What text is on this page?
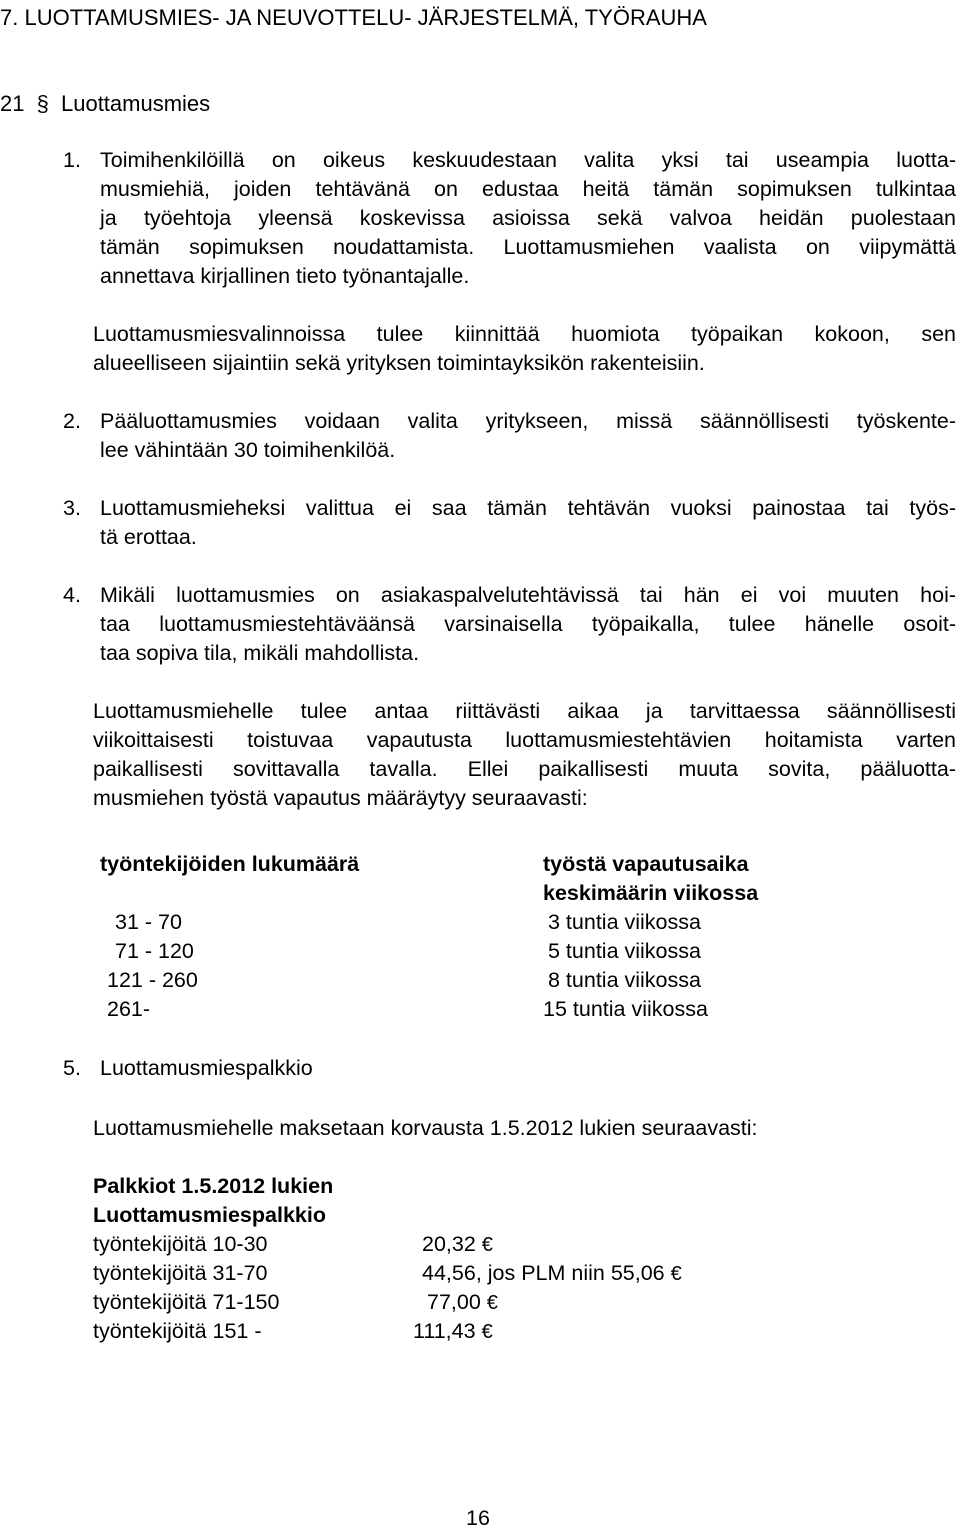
7. LUOTTAMUSMIES- JA NEUVOTTELU- JÄRJESTELMÄ, TYÖRAUHA
21 § Luottamusmies
1. Toimihenkilöillä on oikeus keskuudestaan valita yksi tai useampia luotta-
musmiehiä, joiden tehtävänä on edustaa heitä tämän sopimuksen tulkintaa
ja työehtoja yleensä koskevissa asioissa sekä valvoa heidän puolestaan
tämän sopimuksen noudattamista. Luottamusmiehen vaalista on viipymättä
annettava kirjallinen tieto työnantajalle.
Luottamusmiesvalinnoissa tulee kiinnittää huomiota työpaikan kokoon, sen
alueelliseen sijaintiin sekä yrityksen toimintayksikön rakenteisiin.
2. Pääluottamusmies voidaan valita yritykseen, missä säännöllisesti työskente-
lee vähintään 30 toimihenkilöä.
3. Luottamusmieheksi valittua ei saa tämän tehtävän vuoksi painostaa tai työs-
tä erottaa.
4. Mikäli luottamusmies on asiakaspalvelutehtävissä tai hän ei voi muuten hoi-
taa luottamusmiestehtäväänsä varsinaisella työpaikalla, tulee hänelle osoit-
taa sopiva tila, mikäli mahdollista.
Luottamusmiehelle tulee antaa riittävästi aikaa ja tarvittaessa säännöllisesti
viikoittaisesti toistuvaa vapautusta luottamusmiestehtävien hoitamista varten
paikallisesti sovittavalla tavalla. Ellei paikallisesti muuta sovita, pääluotta-
musmiehen työstä vapautus määräytyy seuraavasti:
työntekijöiden lukumäärä	työstä vapautusaika
keskimäärin viikossa
31 - 70	3 tuntia viikossa
71 - 120	5 tuntia viikossa
121 - 260	8 tuntia viikossa
261-	15 tuntia viikossa
5. Luottamusmiespalkkio
Luottamusmiehelle maksetaan korvausta 1.5.2012 lukien seuraavasti:
Palkkiot 1.5.2012 lukien
Luottamusmiespalkkio
työntekijöitä 10-30	20,32 €
työntekijöitä 31-70	44,56, jos PLM niin 55,06 €
työntekijöitä 71-150	77,00 €
työntekijöitä 151 -	111,43 €
16
